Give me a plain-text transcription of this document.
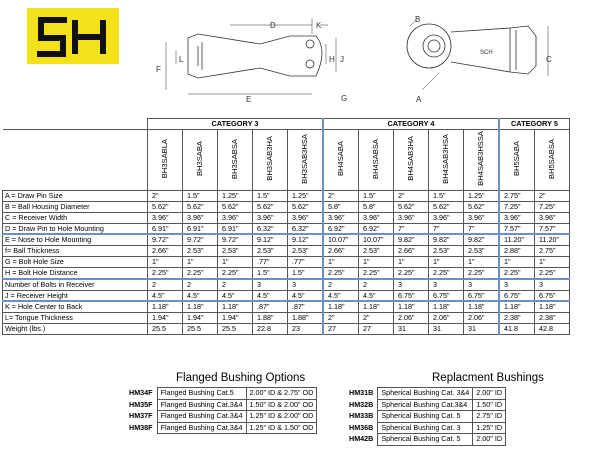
D	K
F
L	H J
E	G
B
C
A
SCH
	CATEGORY 3					CATEGORY 4					CATEGORY 5	
	BH3SABLA	BH3SABA	BH3SABSA	BH3SAB3HA	BH3SAB3HSA	BH4SABA	BH4SABSA	BH4SAB3HA	BH4SAB3HSA	BH4SAB3HSSA	BH5SABA	BH5SABSA
A = Draw Pin Size	2"	1.5"	1.25"	1.5"	1.25"	2"	1.5"	2"	1.5"	1.25"	2.75"	2"
B = Ball Housing Diameter	5.62"	5.62"	5.62"	5.62"	5.62"	5.8"	5.8"	5.62"	5.62"	5.62"	7.25"	7.25"
C = Receiver Width	3.96"	3.96"	3.96"	3.96"	3.96"	3.96"	3.96"	3.96"	3.96"	3.96"	3.96"	3.96"
D = Draw Pin to Hole Mounting	6.91"	6.91"	6.91"	6.32"	6.32"	6.92"	6.92"	7"	7"	7"	7.57"	7.57"
E = Nose to Hole Mounting	9.72"	9.72"	9.72"	9.12"	9.12"	10.07"	10.07"	9.82"	9.82"	9.82"	11.20"	11.20"
f= Ball Thickness	2.66"	2.53"	2.53"	2.53"	2.53"	2.66"	2.53"	2.66"	2.53"	2.53"	2.88"	2.75"
G = Bolt Hole Size	1"	1"	1"	.77"	.77"	1"	1"	1"	1"	1"	1"	1"
H = Bolt Hole Distance	2.25"	2.25"	2.25"	1.5"	1.5"	2.25"	2.25"	2.25"	2.25"	2.25"	2.25"	2.25"
Number of Bolts in Receiver	2	2	2	3	3	2	2	3	3	3	3	3
J = Receiver Height	4.5"	4.5"	4.5"	4.5"	4.5"	4.5"	4.5"	6.75"	6.75"	6.75"	6.75"	6.75"
K = Hole Center to Back	1.18"	1.18"	1.18"	.87"	.87"	1.18"	1.18"	1.18"	1.18"	1.18"	1.18"	1.18"
L= Tongue Thickness	1.94"	1.94"	1.94"	1.88"	1.88"	2"	2"	2.06"	2.06"	2.06"	2.38"	2.38"
Weight (lbs.)	25.5	25.5	25.5	22.8	23	27	27	31	31	31	41.8	42.8
Flanged Bushing Options
HM34F	Flanged Bushing Cat.5	2.00" ID & 2.75" OD
HM35F	Flanged Bushing Cat.3&4	1.50" ID & 2.00" OD
HM37F	Flanged Bushing Cat.3&4	1.25" ID & 2.00" OD
HM38F	Flanged Bushing Cat.3&4	1.25" ID & 1.50" OD
Replacment Bushings
HM31B	Spherical Bushing Cat. 3&4	2.00" ID
HM32B	Spherical Bushing Cat.3&4	1.50" ID
HM33B	Spherical Bushing Cat. 5	2.75" ID
HM36B	Spherical Bushing Cat. 3	1.25" ID
HM42B	Spherical Bushing Cat. 5	2.00" ID
